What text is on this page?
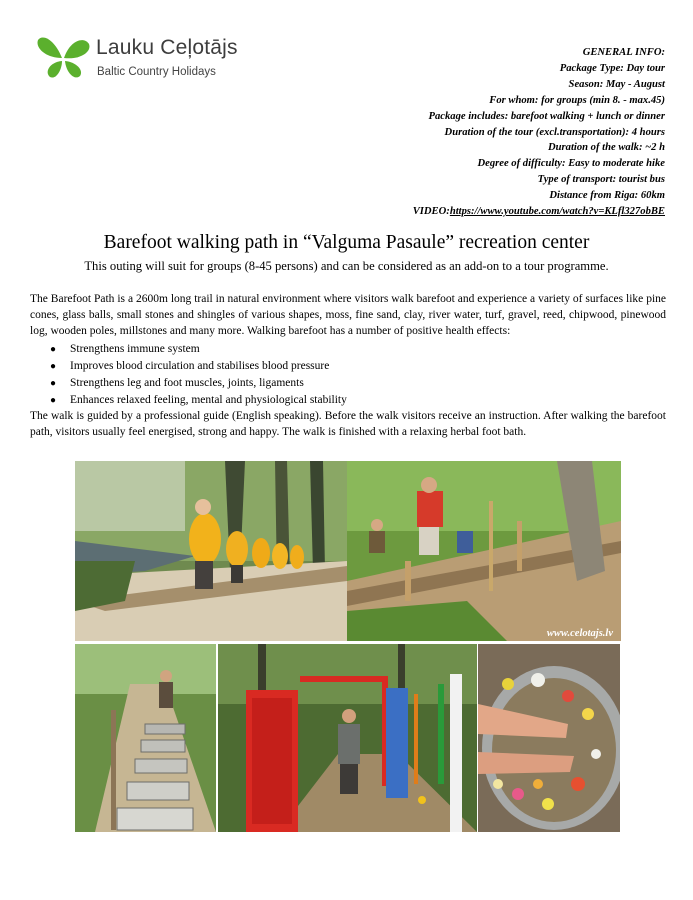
Lauku Ceļotājs
Baltic Country Holidays
GENERAL INFO:
Package Type: Day tour
Season: May - August
For whom: for groups (min 8. - max.45)
Package includes: barefoot walking + lunch or dinner
Duration of the tour (excl.transportation): 4 hours
Duration of the walk: ~2 h
Degree of difficulty: Easy to moderate hike
Type of transport: tourist bus
Distance from Riga: 60km
VIDEO:https://www.youtube.com/watch?v=KLfl327obBE
Barefoot walking path in “Valguma Pasaule” recreation center
This outing will suit for groups (8-45 persons) and can be considered as an add-on to a tour programme.

The Barefoot Path is a 2600m long trail in natural environment where visitors walk barefoot and experience a variety of surfaces like pine cones, glass balls, small stones and shingles of various shapes, moss, fine sand, clay, river water, turf, gravel, reed, chipwood, pinewood log, wooden poles, millstones and many more. Walking barefoot has a number of positive health effects:

● Strengthens immune system
● Improves blood circulation and stabilises blood pressure
● Strengthens leg and foot muscles, joints, ligaments
● Enhances relaxed feeling, mental and physiological stability

The walk is guided by a professional guide (English speaking). Before the walk visitors receive an instruction. After walking the barefoot path, visitors usually feel energised, strong and happy. The walk is finished with a relaxing herbal foot bath.

www.celotajs.lv
